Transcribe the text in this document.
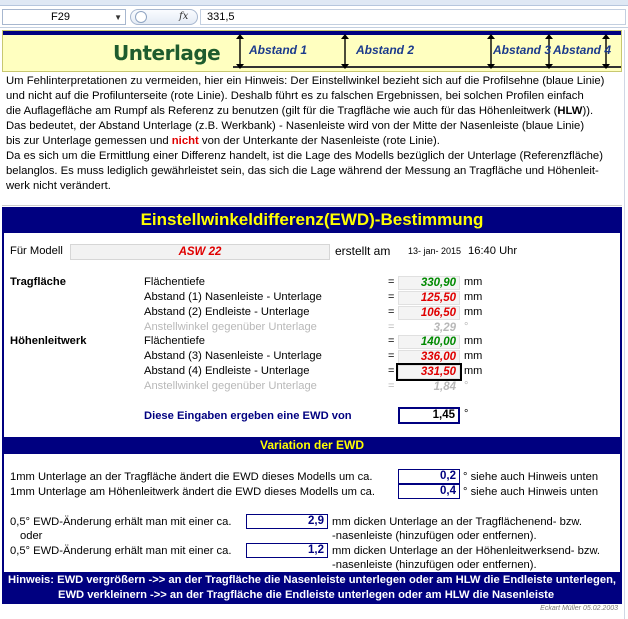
F29	▼	fx	331,5
Unterlage Abstand 1	Abstand 2	Abstand 3 Abstand 4
Um Fehlinterpretationen zu vermeiden, hier ein Hinweis: Der Einstellwinkel bezieht sich auf die Profilsehne (blaue Linie)
und nicht auf die Profilunterseite (rote Linie). Deshalb führt es zu falschen Ergebnissen, bei solchen Profilen einfach
die Auflagefläche am Rumpf als Referenz zu benutzen (gilt für die Tragfläche wie auch für das Höhenleitwerk (HLW)).
Das bedeutet, der Abstand Unterlage (z.B. Werkbank) - Nasenleiste wird von der Mitte der Nasenleiste (blaue Linie)
bis zur Unterlage gemessen und nicht von der Unterkante der Nasenleiste (rote Linie).
Da es sich um die Ermittlung einer Differenz handelt, ist die Lage des Modells bezüglich der Unterlage (Referenzfläche)
belanglos. Es muss lediglich gewährleistet sein, das sich die Lage während der Messung an Tragfläche und Höhenleit-
werk nicht verändert.
Einstellwinkeldifferenz(EWD)-Bestimmung
Für Modell	ASW 22	erstellt am 13- jan- 2015 16:40 Uhr
Tragfläche	Flächentiefe	=	330,90 mm
Abstand (1) Nasenleiste - Unterlage	=	125,50 mm
Abstand (2) Endleiste - Unterlage	=	106,50 mm
Anstellwinkel gegenüber Unterlage	=	3,29 °
Höhenleitwerk	Flächentiefe	=	140,00 mm
Abstand (3) Nasenleiste - Unterlage	=	336,00 mm
Abstand (4) Endleiste - Unterlage	=	331,50 mm
Anstellwinkel gegenüber Unterlage	=	1,84 °
Diese Eingaben ergeben eine EWD von	1,45 °
Variation der EWD
1mm Unterlage an der Tragfläche ändert die EWD dieses Modells um ca.	0,2 ° siehe auch Hinweis unten
1mm Unterlage am Höhenleitwerk ändert die EWD dieses Modells um ca.	0,4 ° siehe auch Hinweis unten
0,5° EWD-Änderung erhält man mit einer ca.	2,9 mm dicken Unterlage an der Tragflächenend- bzw.
oder	-nasenleiste (hinzufügen oder entfernen).
0,5° EWD-Änderung erhält man mit einer ca.	1,2 mm dicken Unterlage an der Höhenleitwerksend- bzw.
-nasenleiste (hinzufügen oder entfernen).
Hinweis: EWD vergrößern ->> an der Tragfläche die Nasenleiste unterlegen oder am HLW die Endleiste unterlegen,
EWD verkleinern ->> an der Tragfläche die Endleiste unterlegen oder am HLW die Nasenleiste unterlegen.	Eckart Müller 05.02.2003
